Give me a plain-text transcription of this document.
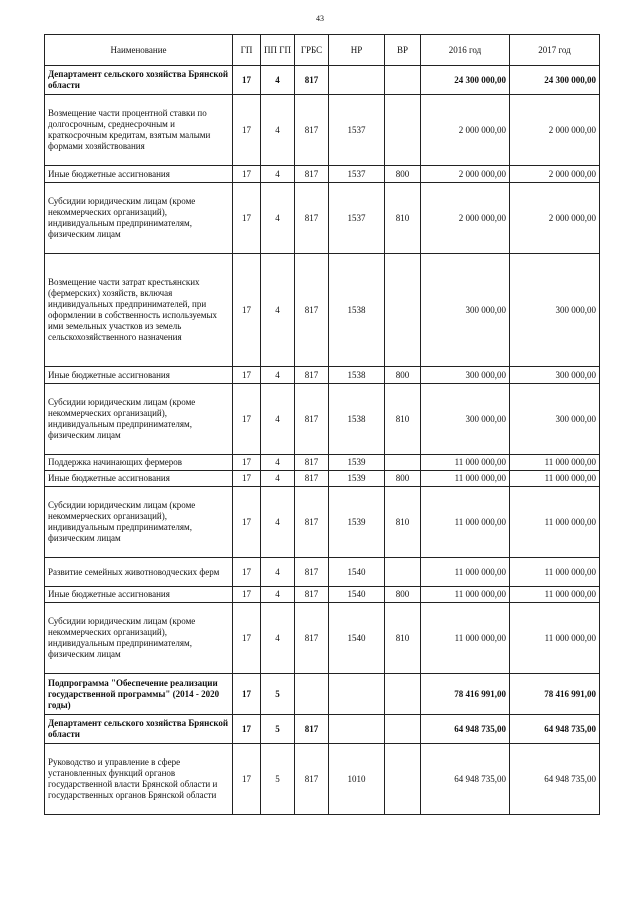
43
Наименование	ГП	ПП ГП	ГРБС	НР	ВР	2016 год	2017 год
Департамент сельского хозяйства Брянской области	17	4	817			24 300 000,00	24 300 000,00
Возмещение части процентной ставки по долгосрочным, среднесрочным и краткосрочным кредитам, взятым малыми формами хозяйствования	17	4	817	1537		2 000 000,00	2 000 000,00
Иные бюджетные ассигнования	17	4	817	1537	800	2 000 000,00	2 000 000,00
Субсидии юридическим лицам (кроме некоммерческих организаций), индивидуальным предпринимателям, физическим лицам	17	4	817	1537	810	2 000 000,00	2 000 000,00
Возмещение части затрат крестьянских (фермерских) хозяйств, включая индивидуальных предпринимателей, при оформлении в собственность используемых ими земельных участков из земель сельскохозяйственного назначения	17	4	817	1538		300 000,00	300 000,00
Иные бюджетные ассигнования	17	4	817	1538	800	300 000,00	300 000,00
Субсидии юридическим лицам (кроме некоммерческих организаций), индивидуальным предпринимателям, физическим лицам	17	4	817	1538	810	300 000,00	300 000,00
Поддержка начинающих фермеров	17	4	817	1539		11 000 000,00	11 000 000,00
Иные бюджетные ассигнования	17	4	817	1539	800	11 000 000,00	11 000 000,00
Субсидии юридическим лицам (кроме некоммерческих организаций), индивидуальным предпринимателям, физическим лицам	17	4	817	1539	810	11 000 000,00	11 000 000,00
Развитие семейных животноводческих ферм	17	4	817	1540		11 000 000,00	11 000 000,00
Иные бюджетные ассигнования	17	4	817	1540	800	11 000 000,00	11 000 000,00
Субсидии юридическим лицам (кроме некоммерческих организаций), индивидуальным предпринимателям, физическим лицам	17	4	817	1540	810	11 000 000,00	11 000 000,00
Подпрограмма "Обеспечение реализации государственной программы" (2014 - 2020 годы)	17	5				78 416 991,00	78 416 991,00
Департамент сельского хозяйства Брянской области	17	5	817			64 948 735,00	64 948 735,00
Руководство и управление в сфере установленных функций органов государственной власти Брянской области и государственных органов Брянской области	17	5	817	1010		64 948 735,00	64 948 735,00
